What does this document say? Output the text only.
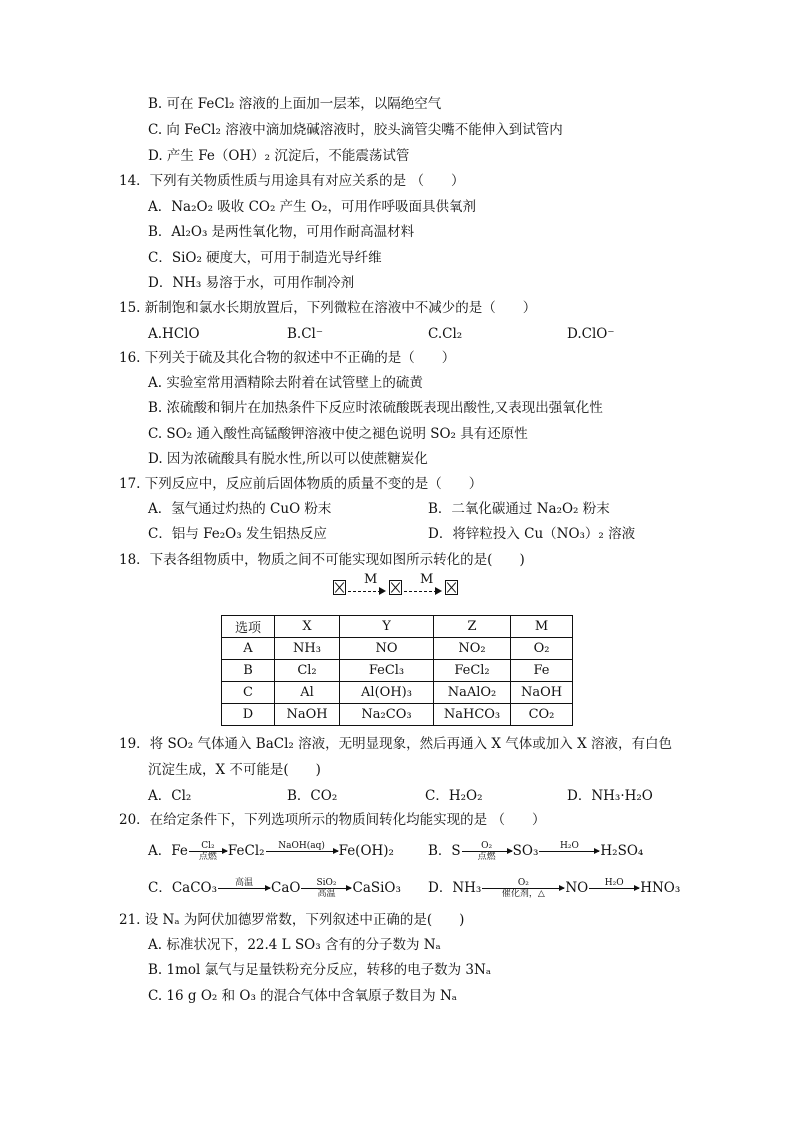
B. 可在 FeCl₂ 溶液的上面加一层苯，以隔绝空气
C. 向 FeCl₂ 溶液中滴加烧碱溶液时，胶头滴管尖嘴不能伸入到试管内
D. 产生 Fe（OH）₂ 沉淀后，不能震荡试管
14．下列有关物质性质与用途具有对应关系的是 （　　）
A．Na₂O₂ 吸收 CO₂ 产生 O₂，可用作呼吸面具供氧剂
B．Al₂O₃ 是两性氧化物，可用作耐高温材料
C．SiO₂ 硬度大，可用于制造光导纤维
D．NH₃ 易溶于水，可用作制冷剂
15. 新制饱和氯水长期放置后，下列微粒在溶液中不减少的是（　　）
A.HClO	B.Cl⁻	C.Cl₂	D.ClO⁻
16. 下列关于硫及其化合物的叙述中不正确的是（　　）
A. 实验室常用酒精除去附着在试管壁上的硫黄
B. 浓硫酸和铜片在加热条件下反应时浓硫酸既表现出酸性,又表现出强氧化性
C. SO₂ 通入酸性高锰酸钾溶液中使之褪色说明 SO₂ 具有还原性
D. 因为浓硫酸具有脱水性,所以可以使蔗糖炭化
17. 下列反应中，反应前后固体物质的质量不变的是（　　）
A．氢气通过灼热的 CuO 粉末	B．二氧化碳通过 Na₂O₂ 粉末
C．铝与 Fe₂O₃ 发生铝热反应	D．将锌粒投入 Cu（NO₃）₂ 溶液
18．下表各组物质中，物质之间不可能实现如图所示转化的是(　　)
M	M
选项	X	Y	Z	M
A	NH₃	NO	NO₂	O₂
B	Cl₂	FeCl₃	FeCl₂	Fe
C	Al	Al(OH)₃	NaAlO₂	NaOH
D	NaOH	Na₂CO₃	NaHCO₃	CO₂
19．将 SO₂ 气体通入 BaCl₂ 溶液，无明显现象，然后再通入 X 气体或加入 X 溶液，有白色
沉淀生成，X 不可能是(　　)
A．Cl₂	B．CO₂	C．H₂O₂	D．NH₃·H₂O
20．在给定条件下，下列选项所示的物质间转化均能实现的是 （　　）
A．Fe	Cl₂
点燃 FeCl₂	NaOH(aq)
	Fe(OH)₂	B．S	O₂
点燃	SO₃	H₂O
	H₂SO₄
C．CaCO₃	高温
	CaO	SiO₂
高温	CaSiO₃ D．NH₃	O₂
催化剂，△	NO	H₂O
	HNO₃
21. 设 Nₐ 为阿伏加德罗常数，下列叙述中正确的是(　　)
A. 标准状况下，22.4 L SO₃ 含有的分子数为 Nₐ
B. 1mol 氯气与足量铁粉充分反应，转移的电子数为 3Nₐ
C. 16 g O₂ 和 O₃ 的混合气体中含氧原子数目为 Nₐ
